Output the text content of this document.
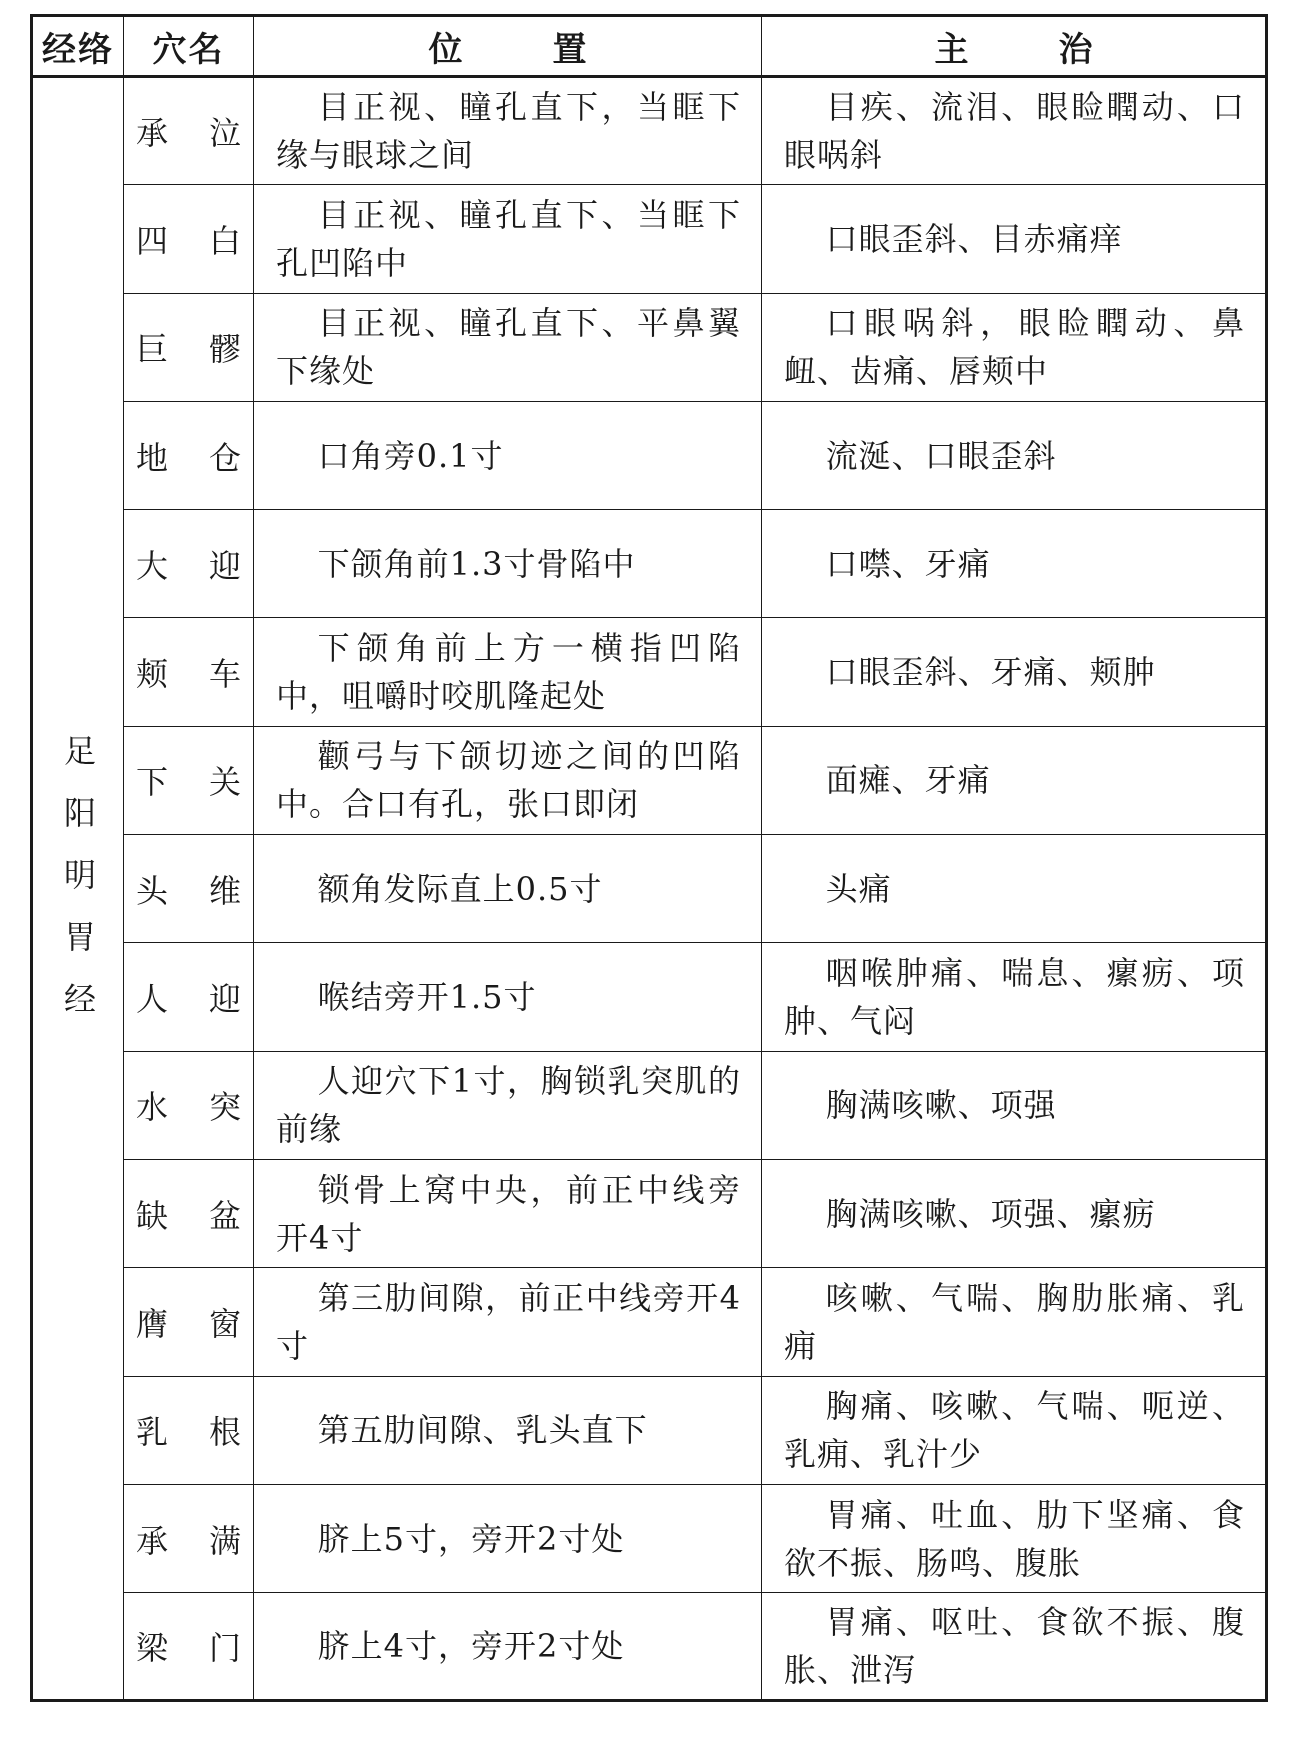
经络	穴名	位置	主治
足阳明胃经	承 泣	目正视、瞳孔直下，当眶下缘与眼球之间	目疾、流泪、眼睑瞤动、口眼㖞斜

	四 白	目正视、瞳孔直下、当眶下孔凹陷中	口眼歪斜、目赤痛痒

	巨 髎	目正视、瞳孔直下、平鼻翼下缘处	口眼㖞斜，眼睑瞤动、鼻衄、齿痛、唇颊中

	地 仓	口角旁0.1寸	流涎、口眼歪斜

	大 迎	下颌角前1.3寸骨陷中	口噤、牙痛

	颊 车	下颌角前上方一横指凹陷中，咀嚼时咬肌隆起处	口眼歪斜、牙痛、颊肿

	下 关	颧弓与下颌切迹之间的凹陷中。合口有孔，张口即闭	面瘫、牙痛

	头 维	额角发际直上0.5寸	头痛

	人 迎	喉结旁开1.5寸	咽喉肿痛、喘息、瘰疬、项肿、气闷

	水 突	人迎穴下1寸，胸锁乳突肌的前缘	胸满咳嗽、项强

	缺 盆	锁骨上窝中央，前正中线旁开4寸	胸满咳嗽、项强、瘰疬

	膺 窗	第三肋间隙，前正中线旁开4寸	咳嗽、气喘、胸肋胀痛、乳痈

	乳 根	第五肋间隙、乳头直下	胸痛、咳嗽、气喘、呃逆、乳痈、乳汁少

	承 满	脐上5寸，旁开2寸处	胃痛、吐血、肋下坚痛、食欲不振、肠鸣、腹胀

	梁 门	脐上4寸，旁开2寸处	胃痛、呕吐、食欲不振、腹胀、泄泻
